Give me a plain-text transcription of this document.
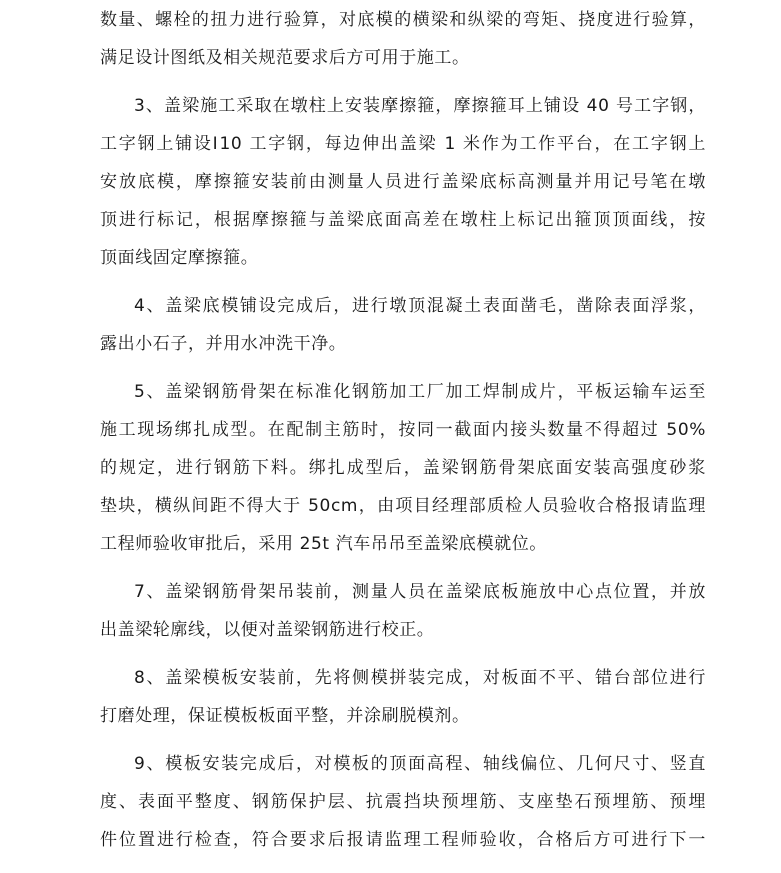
数量、螺栓的扭力进行验算，对底模的横梁和纵梁的弯矩、挠度进行验算，
满足设计图纸及相关规范要求后方可用于施工。
3、盖梁施工采取在墩柱上安装摩擦箍，摩擦箍耳上铺设 40 号工字钢，
工字钢上铺设Ⅰ10 工字钢，每边伸出盖梁 1 米作为工作平台，在工字钢上
安放底模，摩擦箍安装前由测量人员进行盖梁底标高测量并用记号笔在墩
顶进行标记，根据摩擦箍与盖梁底面高差在墩柱上标记出箍顶顶面线，按
顶面线固定摩擦箍。
4、盖梁底模铺设完成后，进行墩顶混凝土表面凿毛，凿除表面浮浆，
露出小石子，并用水冲洗干净。
5、盖梁钢筋骨架在标准化钢筋加工厂加工焊制成片，平板运输车运至
施工现场绑扎成型。在配制主筋时，按同一截面内接头数量不得超过 50%
的规定，进行钢筋下料。绑扎成型后，盖梁钢筋骨架底面安装高强度砂浆
垫块，横纵间距不得大于 50cm，由项目经理部质检人员验收合格报请监理
工程师验收审批后，采用 25t 汽车吊吊至盖梁底模就位。
7、盖梁钢筋骨架吊装前，测量人员在盖梁底板施放中心点位置，并放
出盖梁轮廓线，以便对盖梁钢筋进行校正。
8、盖梁模板安装前，先将侧模拼装完成，对板面不平、错台部位进行
打磨处理，保证模板板面平整，并涂刷脱模剂。
9、模板安装完成后，对模板的顶面高程、轴线偏位、几何尺寸、竖直
度、表面平整度、钢筋保护层、抗震挡块预埋筋、支座垫石预埋筋、预埋
件位置进行检查，符合要求后报请监理工程师验收，合格后方可进行下一
